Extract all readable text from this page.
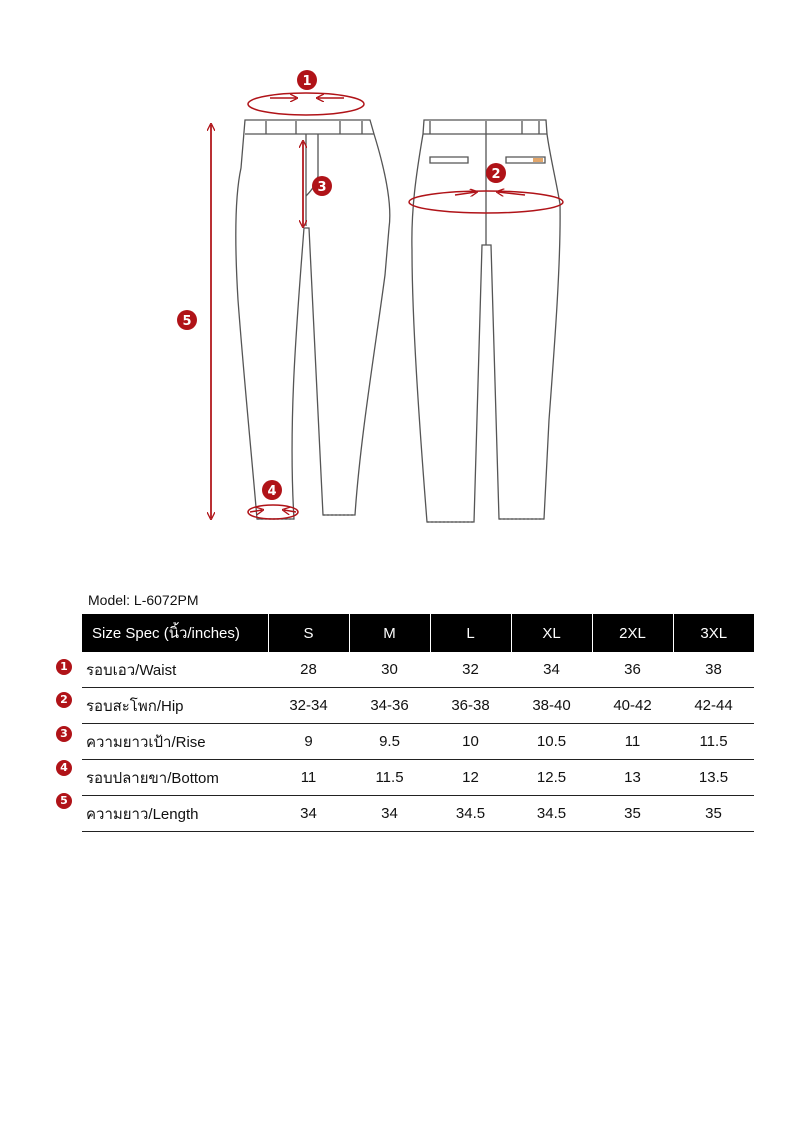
1
2
3
4
5
Model: L-6072PM
1
2
3
4
5
Size Spec (นิ้ว/inches)	S	M	L	XL	2XL	3XL
รอบเอว/Waist	28	30	32	34	36	38
รอบสะโพก/Hip	32-34	34-36	36-38	38-40	40-42	42-44
ความยาวเป้า/Rise	9	9.5	10	10.5	11	11.5
รอบปลายขา/Bottom	11	11.5	12	12.5	13	13.5
ความยาว/Length	34	34	34.5	34.5	35	35
